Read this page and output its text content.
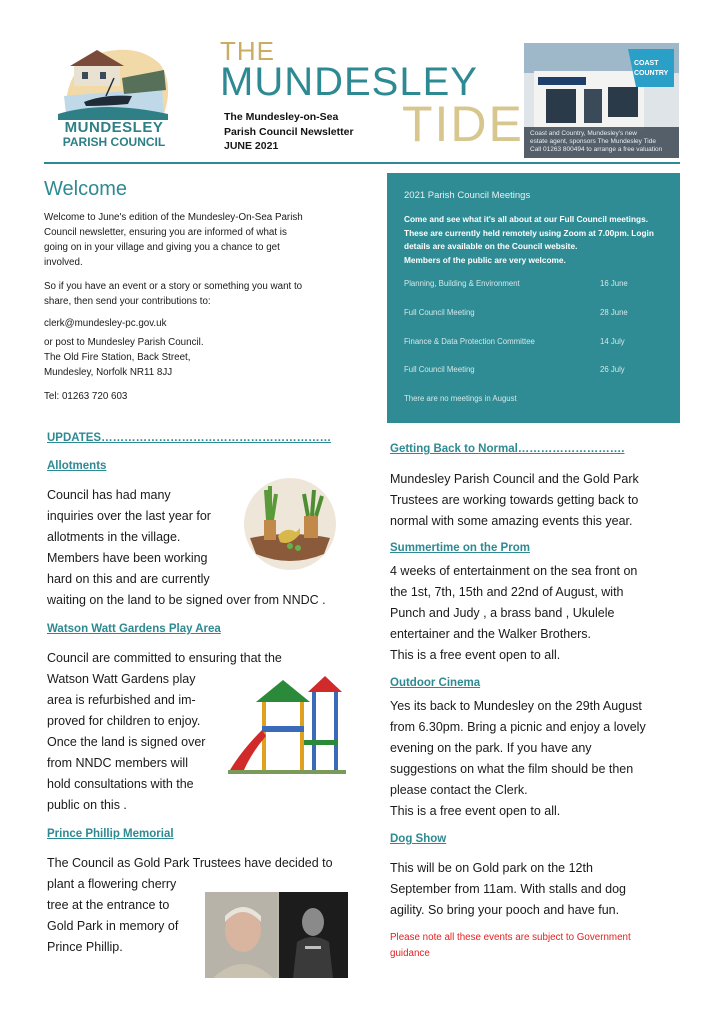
MUNDESLEY
PARISH COUNCIL
THE
MUNDESLEY
TIDE
The Mundesley-on-Sea
Parish Council Newsletter
JUNE 2021
COAST
COUNTRY
Coast and Country, Mundesley's new
estate agent, sponsors The Mundesley Tide
Call 01263 800494 to arrange a free valuation
Welcome
Welcome to June's edition of the Mundesley-On-Sea Parish
Council newsletter, ensuring you are informed of what is
going on in your village and giving you a chance to get
involved.
So if you have an event or a story or something you want to
share, then send your contributions to:
clerk@mundesley-pc.gov.uk
or post to Mundesley Parish Council.
The Old Fire Station, Back Street,
Mundesley, Norfolk NR11 8JJ
Tel: 01263 720 603
2021 Parish Council Meetings
Come and see what it's all about at our Full Council meetings.
These are currently held remotely using Zoom at 7.00pm. Login
details are available on the Council website.
Members of the public are very welcome.
Planning, Building & Environment	16 June
Full Council Meeting	28 June
Finance & Data Protection Committee	14 July
Full Council Meeting	26 July
There are no meetings in August
UPDATES……………………………………………………
Allotments
Council has had many
inquiries over the last year for
allotments in the village.
Members have been working
hard on this and are currently
waiting on the land to be signed over from NNDC .
Watson Watt Gardens Play Area
Council are committed to ensuring that the
Watson Watt Gardens play
area is refurbished and im-
proved for children to enjoy.
Once the land is signed over
from NNDC members will
hold consultations with the
public on this .
Prince Phillip Memorial
The Council as Gold Park Trustees have decided to
plant a flowering cherry
tree at the entrance to
Gold Park in memory of
Prince Phillip.
Getting Back to Normal……………………….
Mundesley Parish Council and the Gold Park
Trustees are working towards getting back to
normal with some amazing events this year.
Summertime on the Prom
4 weeks of entertainment on the sea front on
the 1st, 7th, 15th and 22nd of August, with
Punch and Judy , a brass band , Ukulele
entertainer and the Walker Brothers.
This is a free event open to all.
Outdoor Cinema
Yes its back to Mundesley on the 29th August
from 6.30pm. Bring a picnic and enjoy a lovely
evening on the park. If you have any
suggestions on what the film should be then
please contact the Clerk.
This is a free event open to all.
Dog Show
This will be on Gold park on the 12th
September from 11am. With stalls and dog
agility. So bring your pooch and have fun.
Please note all these events are subject to Government
guidance
